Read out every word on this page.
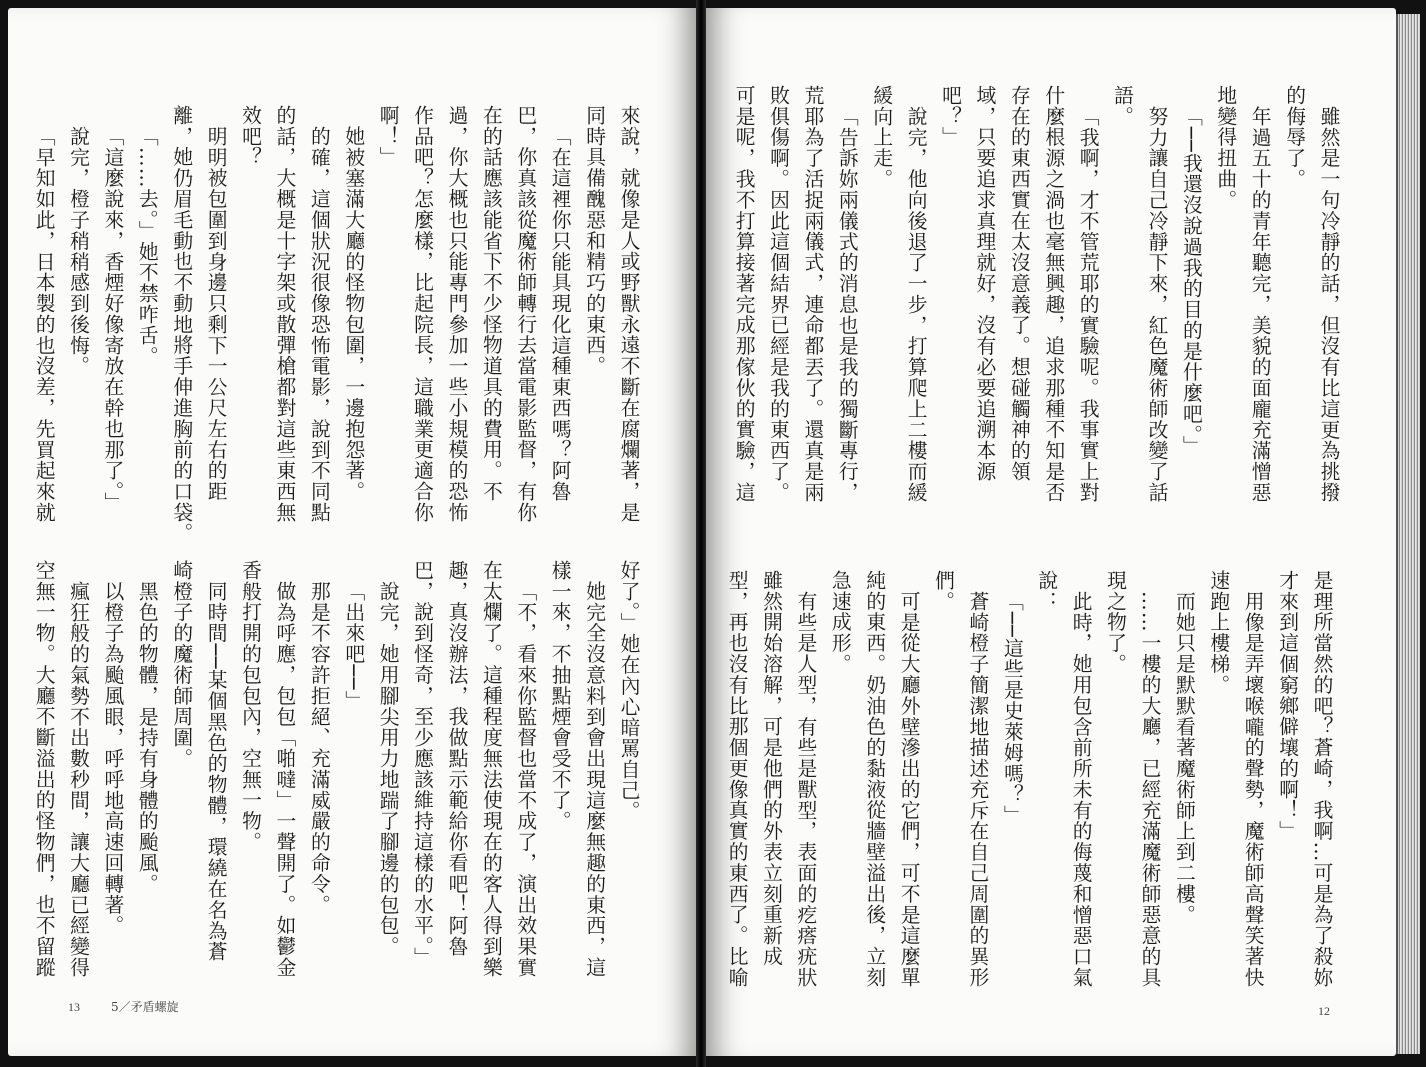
雖然是一句冷靜的話，但沒有比這更為挑撥

的侮辱了。

年過五十的青年聽完，美貌的面龐充滿憎惡

地變得扭曲。

「──我還沒說過我的目的是什麼吧。」

努力讓自己冷靜下來，紅色魔術師改變了話

語。

「我啊，才不管荒耶的實驗呢。我事實上對

什麼根源之渦也毫無興趣，追求那種不知是否

存在的東西實在太沒意義了。想碰觸神的領

域，只要追求真理就好，沒有必要追溯本源

吧？」

說完，他向後退了一步，打算爬上二樓而緩

緩向上走。

「告訴妳兩儀式的消息也是我的獨斷專行，

荒耶為了活捉兩儀式，連命都丟了。還真是兩

敗俱傷啊。因此這個結界已經是我的東西了。

可是呢，我不打算接著完成那傢伙的實驗，這

是理所當然的吧？蒼崎，我啊…可是為了殺妳

才來到這個窮鄉僻壤的啊！」

用像是弄壞喉嚨的聲勢，魔術師高聲笑著快

速跑上樓梯。

而她只是默默看著魔術師上到二樓。

……一樓的大廳，已經充滿魔術師惡意的具

現之物了。

此時，她用包含前所未有的侮蔑和憎惡口氣

說：

「──這些是史萊姆嗎？」

蒼崎橙子簡潔地描述充斥在自己周圍的異形

們。

可是從大廳外壁滲出的它們，可不是這麼單

純的東西。奶油色的黏液從牆壁溢出後，立刻

急速成形。

有些是人型，有些是獸型，表面的疙瘩疣狀

雖然開始溶解，可是他們的外表立刻重新成

型，再也沒有比那個更像真實的東西了。比喻

來說，就像是人或野獸永遠不斷在腐爛著，是

同時具備醜惡和精巧的東西。

「在這裡你只能具現化這種東西嗎？阿魯

巴，你真該從魔術師轉行去當電影監督，有你

在的話應該能省下不少怪物道具的費用。不

過，你大概也只能專門參加一些小規模的恐怖

作品吧？怎麼樣，比起院長，這職業更適合你

啊！」

她被塞滿大廳的怪物包圍，一邊抱怨著。

的確，這個狀況很像恐怖電影，說到不同點

的話，大概是十字架或散彈槍都對這些東西無

效吧？

明明被包圍到身邊只剩下一公尺左右的距

離，她仍眉毛動也不動地將手伸進胸前的口袋。

「……去。」她不禁咋舌。

「這麼說來，香煙好像寄放在幹也那了。」

說完，橙子稍稍感到後悔。

「早知如此，日本製的也沒差，先買起來就

好了。」她在內心暗罵自己。

她完全沒意料到會出現這麼無趣的東西，這

樣一來，不抽點煙會受不了。

「不，看來你監督也當不成了，演出效果實

在太爛了。這種程度無法使現在的客人得到樂

趣，真沒辦法，我做點示範給你看吧！阿魯

巴，說到怪奇，至少應該維持這樣的水平。」

說完，她用腳尖用力地踹了腳邊的包包。

「出來吧──」

那是不容許拒絕、充滿威嚴的命令。

做為呼應，包包「啪噠」一聲開了。如鬱金

香般打開的包包內，空無一物。

同時間──某個黑色的物體，環繞在名為蒼

崎橙子的魔術師周圍。

黑色的物體，是持有身體的颱風。

以橙子為颱風眼，呼呼地高速回轉著。

瘋狂般的氣勢不出數秒間，讓大廳已經變得

空無一物。大廳不斷溢出的怪物們，也不留蹤

13	5／矛盾螺旋	12
